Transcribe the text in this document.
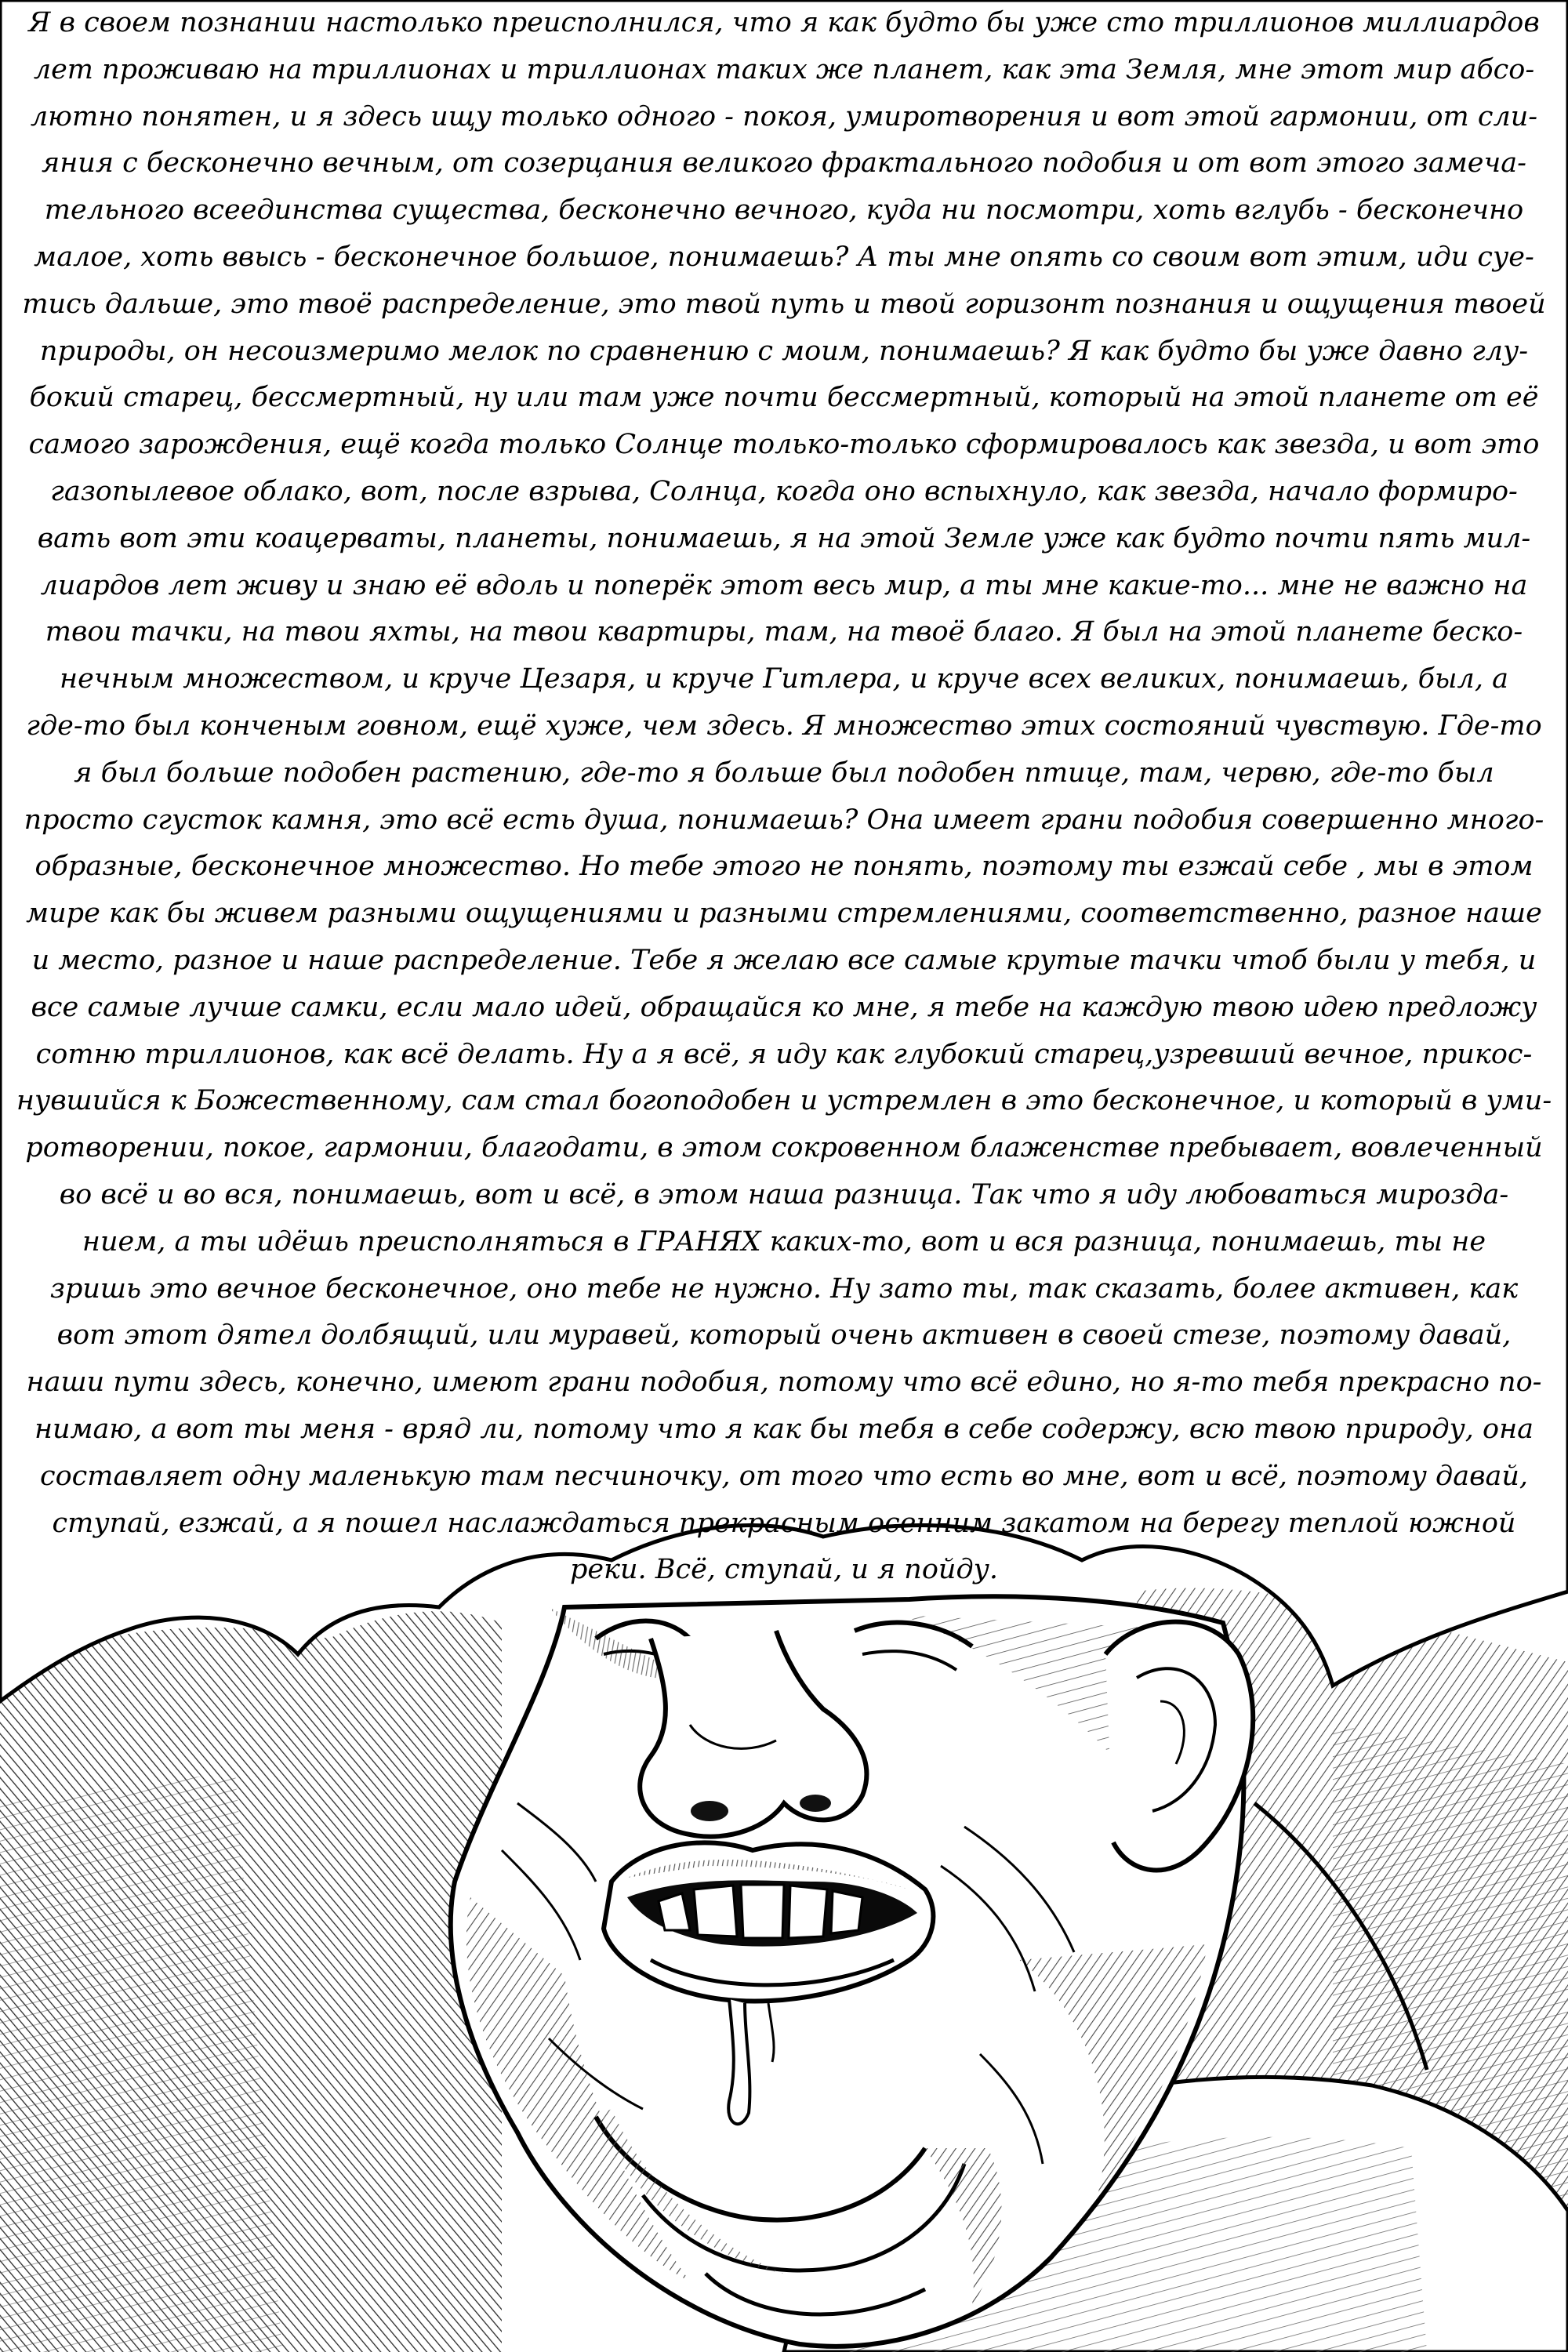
Я в своем познании настолько преисполнился, что я как будто бы уже сто триллионов миллиардов
лет проживаю на триллионах и триллионах таких же планет, как эта Земля, мне этот мир абсо-
лютно понятен, и я здесь ищу только одного - покоя, умиротворения и вот этой гармонии, от сли-
яния с бесконечно вечным, от созерцания великого фрактального подобия и от вот этого замеча-
тельного всеединства существа, бесконечно вечного, куда ни посмотри, хоть вглубь - бесконечно
малое, хоть ввысь - бесконечное большое, понимаешь? А ты мне опять со своим вот этим, иди суе-
тись дальше, это твоё распределение, это твой путь и твой горизонт познания и ощущения твоей
природы, он несоизмеримо мелок по сравнению с моим, понимаешь? Я как будто бы уже давно глу-
бокий старец, бессмертный, ну или там уже почти бессмертный, который на этой планете от её
самого зарождения, ещё когда только Солнце только-только сформировалось как звезда, и вот это
газопылевое облако, вот, после взрыва, Солнца, когда оно вспыхнуло, как звезда, начало формиро-
вать вот эти коацерваты, планеты, понимаешь, я на этой Земле уже как будто почти пять мил-
лиардов лет живу и знаю её вдоль и поперёк этот весь мир, а ты мне какие-то... мне не важно на
твои тачки, на твои яхты, на твои квартиры, там, на твоё благо. Я был на этой планете беско-
нечным множеством, и круче Цезаря, и круче Гитлера, и круче всех великих, понимаешь, был, а
где-то был конченым говном, ещё хуже, чем здесь. Я множество этих состояний чувствую. Где-то
я был больше подобен растению, где-то я больше был подобен птице, там, червю, где-то был
просто сгусток камня, это всё есть душа, понимаешь? Она имеет грани подобия совершенно много-
образные, бесконечное множество. Но тебе этого не понять, поэтому ты езжай себе , мы в этом
мире как бы живем разными ощущениями и разными стремлениями, соответственно, разное наше
и место, разное и наше распределение. Тебе я желаю все самые крутые тачки чтоб были у тебя, и
все самые лучше самки, если мало идей, обращайся ко мне, я тебе на каждую твою идею предложу
сотню триллионов, как всё делать. Ну а я всё, я иду как глубокий старец,узревший вечное, прикос-
нувшийся к Божественному, сам стал богоподобен и устремлен в это бесконечное, и который в уми-
ротворении, покое, гармонии, благодати, в этом сокровенном блаженстве пребывает, вовлеченный
во всё и во вся, понимаешь, вот и всё, в этом наша разница. Так что я иду любоваться мирозда-
нием, а ты идёшь преисполняться в ГРАНЯХ каких-то, вот и вся разница, понимаешь, ты не
зришь это вечное бесконечное, оно тебе не нужно. Ну зато ты, так сказать, более активен, как
вот этот дятел долбящий, или муравей, который очень активен в своей стезе, поэтому давай,
наши пути здесь, конечно, имеют грани подобия, потому что всё едино, но я-то тебя прекрасно по-
нимаю, а вот ты меня - вряд ли, потому что я как бы тебя в себе содержу, всю твою природу, она
составляет одну маленькую там песчиночку, от того что есть во мне, вот и всё, поэтому давай,
ступай, езжай, а я пошел наслаждаться прекрасным осенним закатом на берегу теплой южной
реки. Всё, ступай, и я пойду.
